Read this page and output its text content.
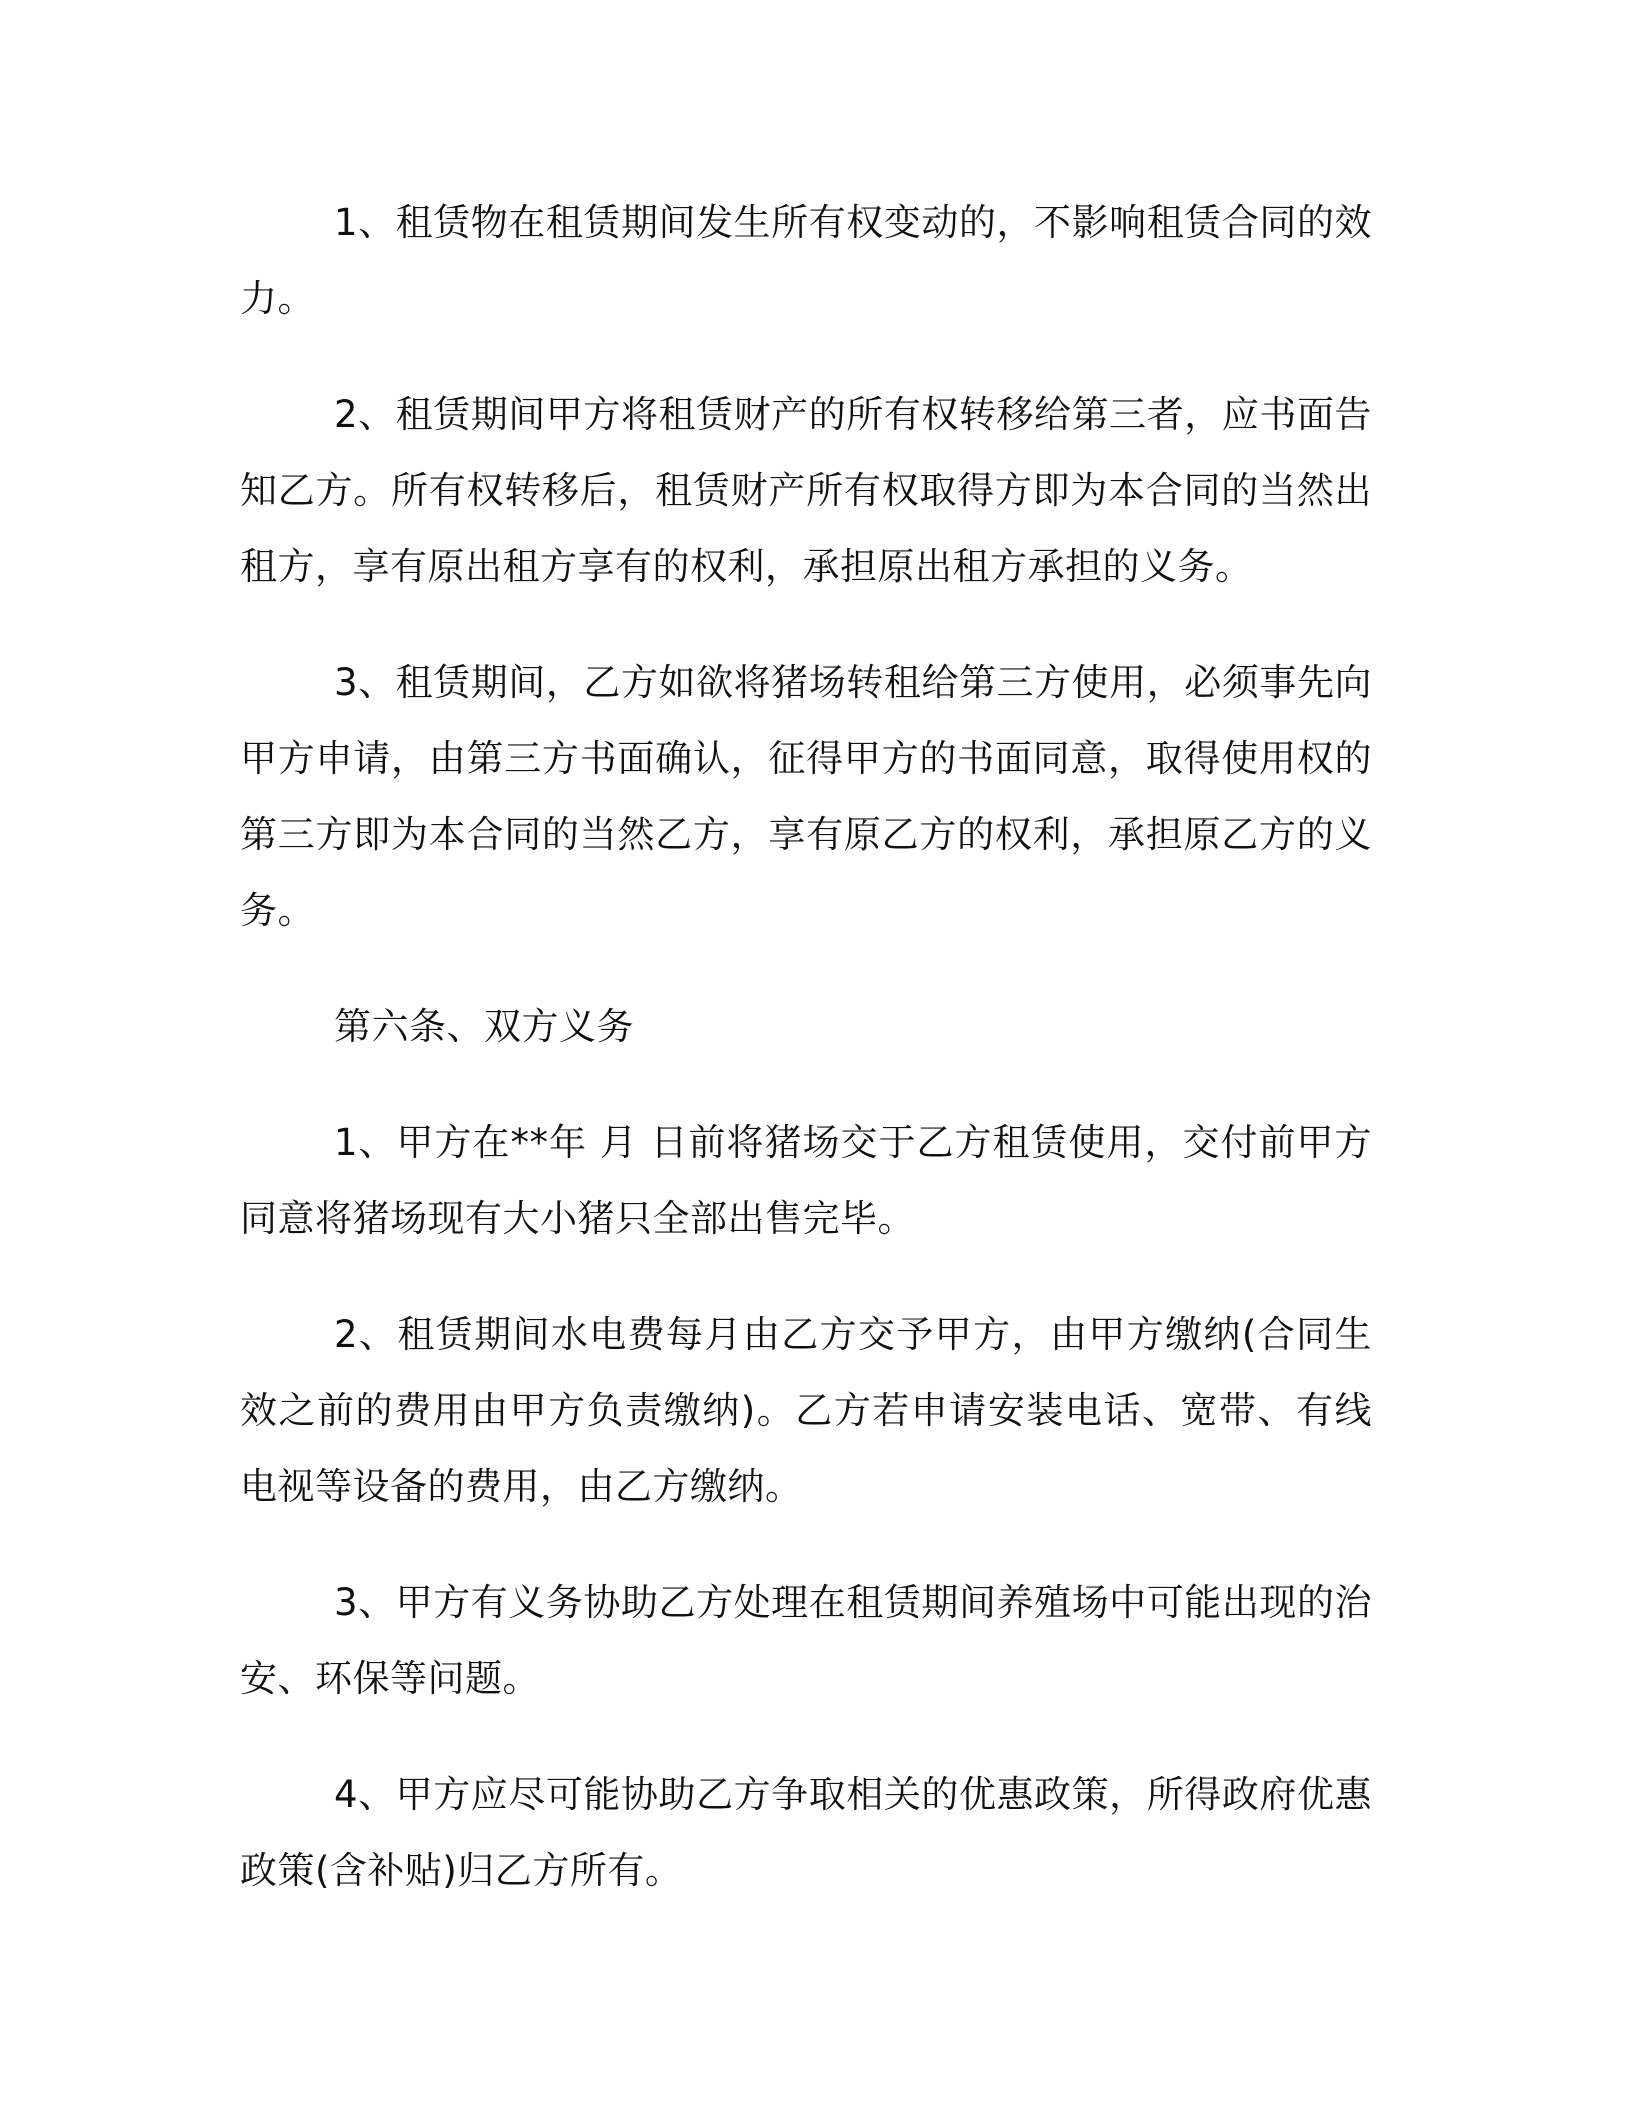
1、租赁物在租赁期间发生所有权变动的，不影响租赁合同的效力。

2、租赁期间甲方将租赁财产的所有权转移给第三者，应书面告知乙方。所有权转移后，租赁财产所有权取得方即为本合同的当然出租方，享有原出租方享有的权利，承担原出租方承担的义务。

3、租赁期间，乙方如欲将猪场转租给第三方使用，必须事先向甲方申请，由第三方书面确认，征得甲方的书面同意，取得使用权的第三方即为本合同的当然乙方，享有原乙方的权利，承担原乙方的义务。

第六条、双方义务

1、甲方在**年 月 日前将猪场交于乙方租赁使用，交付前甲方同意将猪场现有大小猪只全部出售完毕。

2、租赁期间水电费每月由乙方交予甲方，由甲方缴纳(合同生效之前的费用由甲方负责缴纳)。乙方若申请安装电话、宽带、有线电视等设备的费用，由乙方缴纳。

3、甲方有义务协助乙方处理在租赁期间养殖场中可能出现的治安、环保等问题。

4、甲方应尽可能协助乙方争取相关的优惠政策，所得政府优惠政策(含补贴)归乙方所有。
